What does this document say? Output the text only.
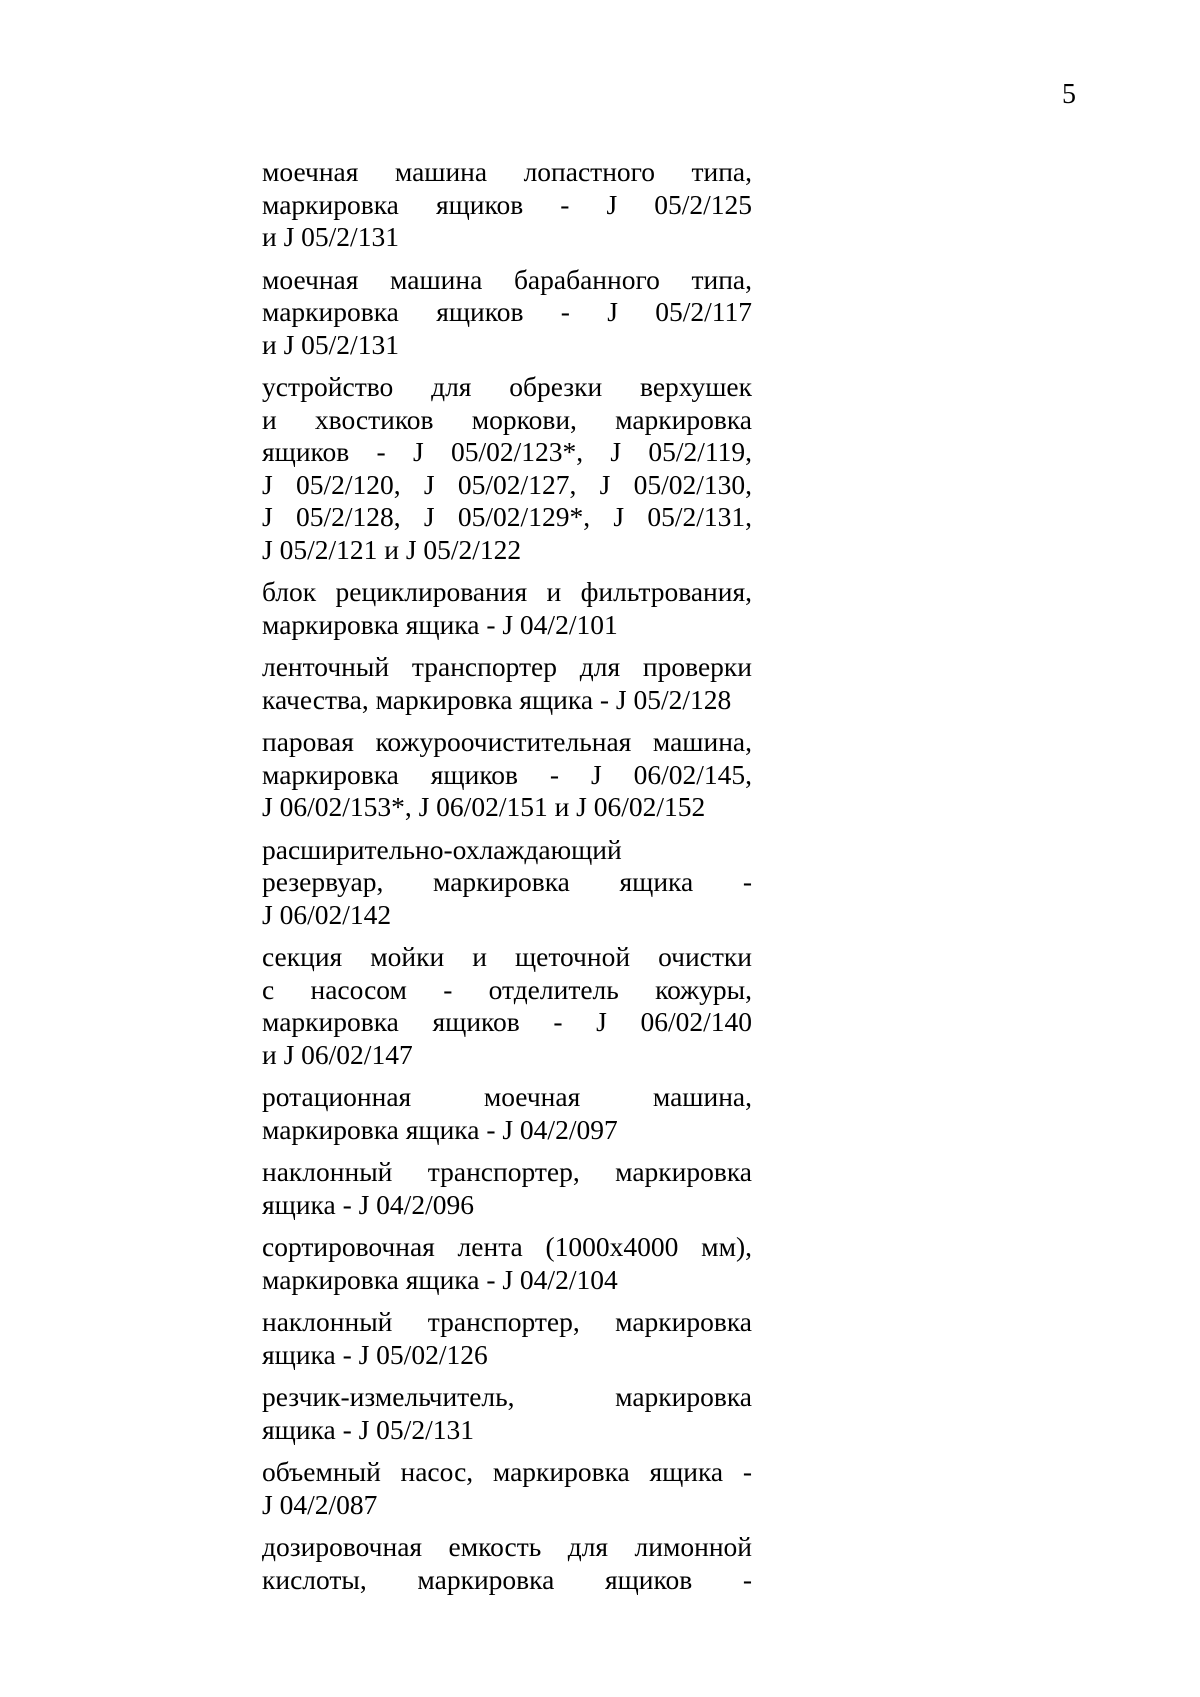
5
моечная машина лопастного типа,
маркировка ящиков - J 05/2/125
и J 05/2/131
моечная машина барабанного типа,
маркировка ящиков - J 05/2/117
и J 05/2/131
устройство для обрезки верхушек
и хвостиков моркови, маркировка
ящиков - J 05/02/123*, J 05/2/119,
J 05/2/120, J 05/02/127, J 05/02/130,
J 05/2/128, J 05/02/129*, J 05/2/131,
J 05/2/121 и J 05/2/122
блок рециклирования и фильтрования,
маркировка ящика - J 04/2/101
ленточный транспортер для проверки
качества, маркировка ящика - J 05/2/128
паровая кожуроочистительная машина,
маркировка ящиков - J 06/02/145,
J 06/02/153*, J 06/02/151 и J 06/02/152
расширительно-охлаждающий
резервуар, маркировка ящика -
J 06/02/142
секция мойки и щеточной очистки
с насосом - отделитель кожуры,
маркировка ящиков - J 06/02/140
и J 06/02/147
ротационная моечная машина,
маркировка ящика - J 04/2/097
наклонный транспортер, маркировка
ящика - J 04/2/096
сортировочная лента (1000x4000 мм),
маркировка ящика - J 04/2/104
наклонный транспортер, маркировка
ящика - J 05/02/126
резчик-измельчитель, маркировка
ящика - J 05/2/131
объемный насос, маркировка ящика -
J 04/2/087
дозировочная емкость для лимонной
кислоты, маркировка ящиков -
